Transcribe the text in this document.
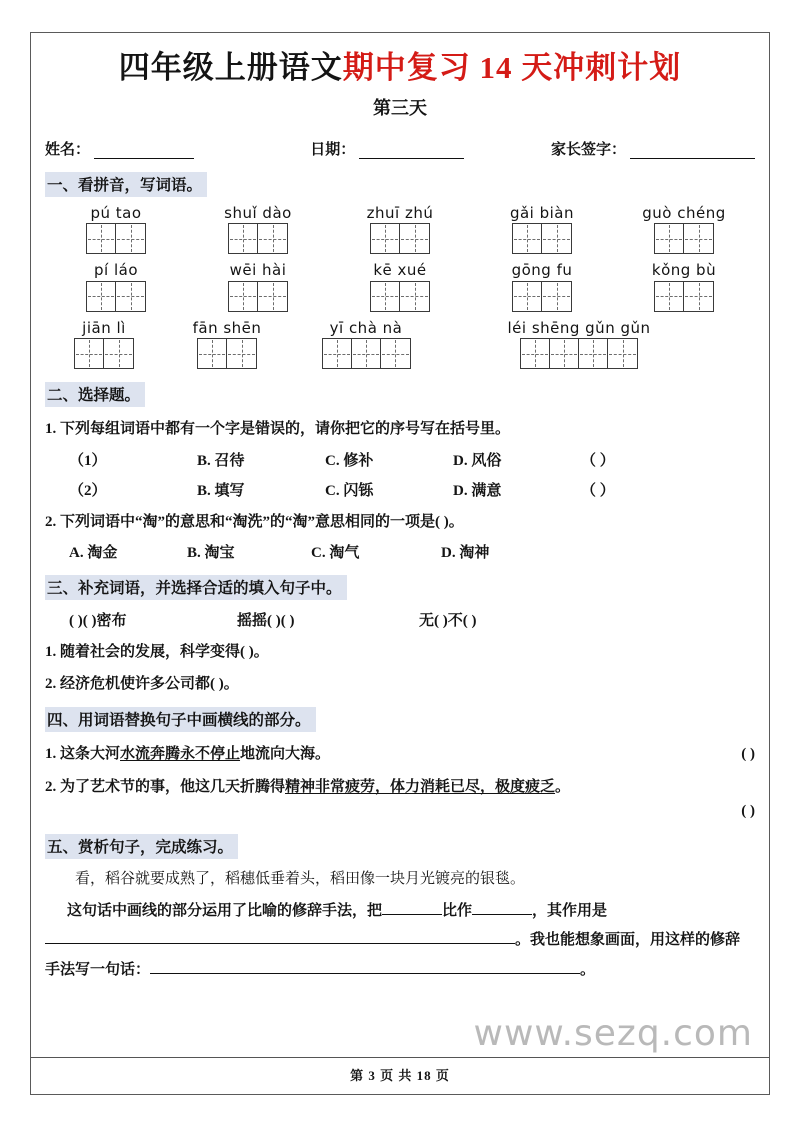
四年级上册语文期中复习 14 天冲刺计划
第三天
姓名：	日期：	家长签字：
一、看拼音，写词语。
pú tao	shuǐ dào	zhuī zhú	gǎi biàn	guò chéng
pí láo	wēi hài	kē xué	gōng fu	kǒng bù
jiān lì	fān shēn	yī chà nà	léi shēng gǔn gǔn
二、选择题。
1. 下列每组词语中都有一个字是错误的，请你把它的序号写在括号里。
（1）	B. 召待	C. 修补	D. 风俗	（ ）
（2）	B. 填写	C. 闪铄	D. 满意	（ ）
2. 下列词语中“淘”的意思和“淘洗”的“淘”意思相同的一项是( )。
A. 淘金	B. 淘宝	C. 淘气	D. 淘神
三、补充词语，并选择合适的填入句子中。
( )( )密布	摇摇( )( )	无( )不( )
1. 随着社会的发展，科学变得( )。
2. 经济危机使许多公司都( )。
四、用词语替换句子中画横线的部分。
1. 这条大河水流奔腾永不停止地流向大海。	( )
2. 为了艺术节的事，他这几天折腾得精神非常疲劳，体力消耗已尽，极度疲乏。
( )
五、赏析句子，完成练习。
看，稻谷就要成熟了，稻穗低垂着头，稻田像一块月光镀亮的银毯。
这句话中画线的部分运用了比喻的修辞手法，把	比作	，其作用是
。我也能想象画面，用这样的修辞
手法写一句话：	。
www.sezq.com
第 3 页 共 18 页
